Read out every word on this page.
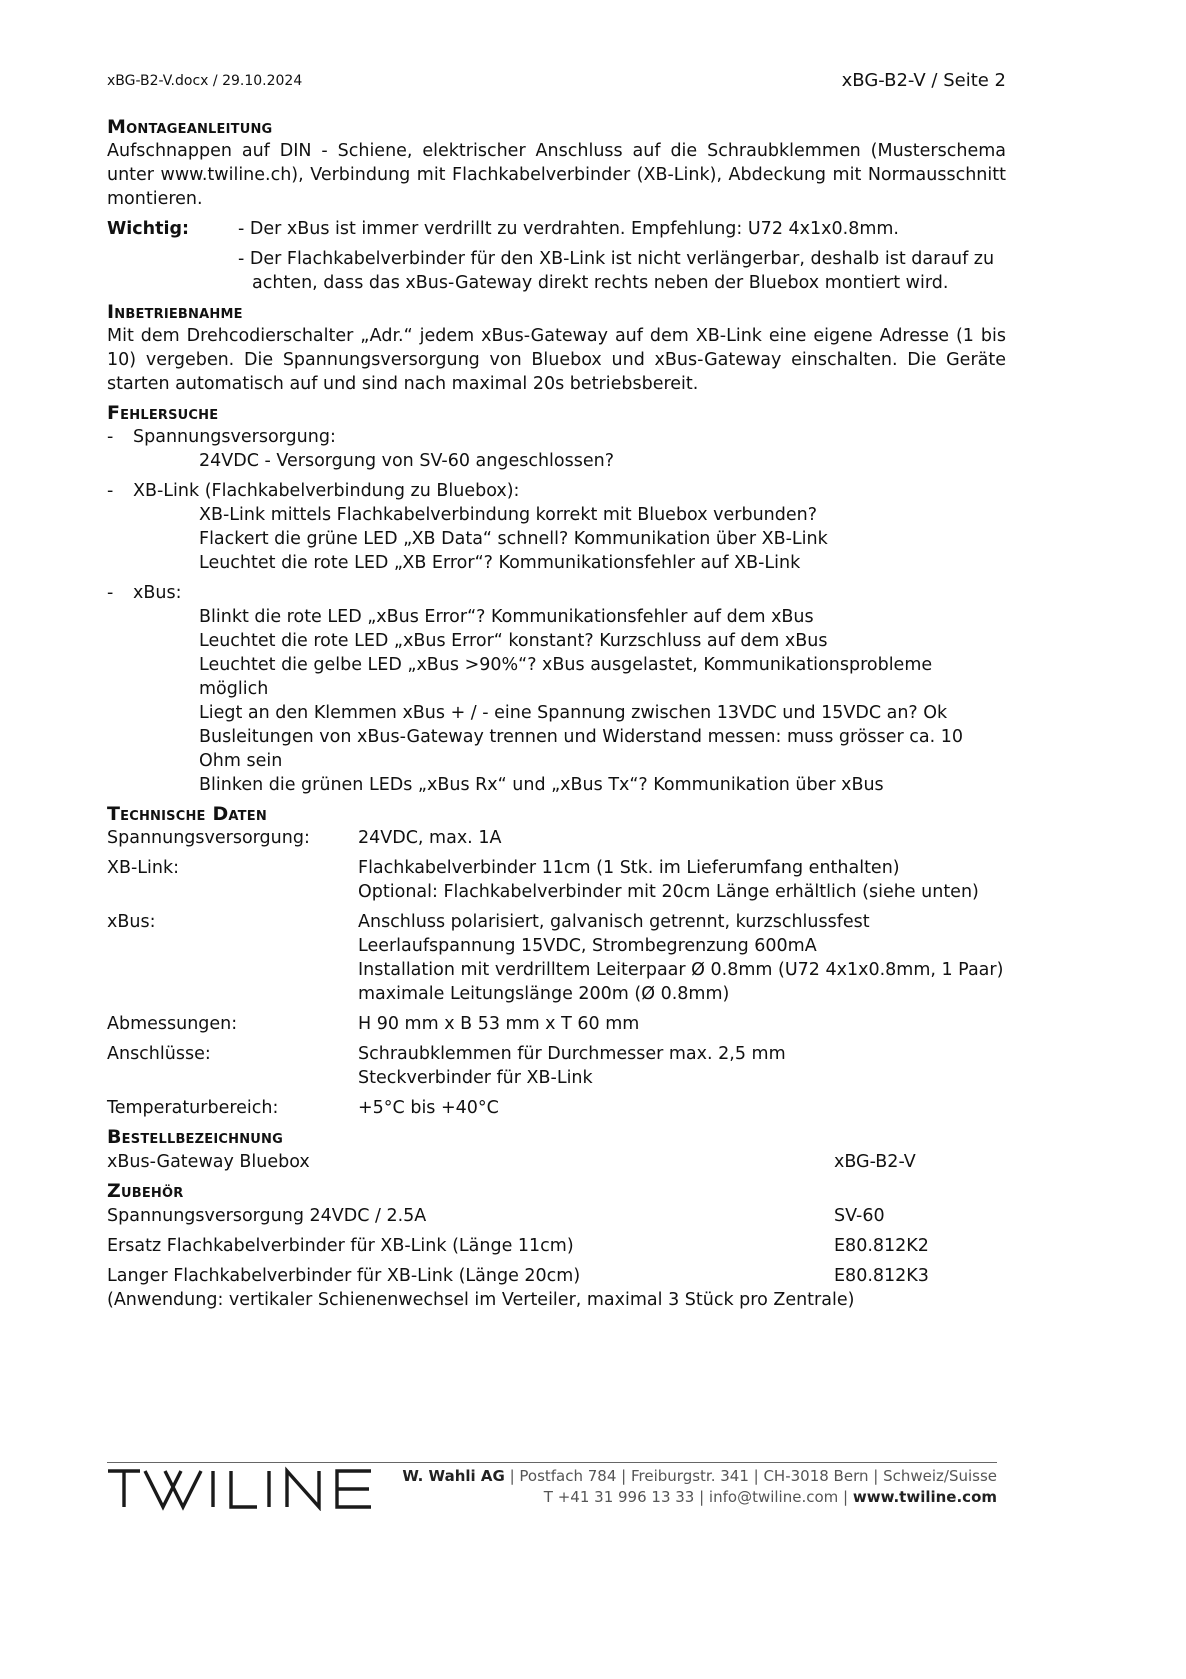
xBG-B2-V.docx / 29.10.2024	xBG-B2-V / Seite 2
Montageanleitung
Aufschnappen auf DIN - Schiene, elektrischer Anschluss auf die Schraubklemmen (Musterschema unter www.twiline.ch), Verbindung mit Flachkabelverbinder (XB-Link), Abdeckung mit Normausschnitt montieren.
Wichtig:	- Der xBus ist immer verdrillt zu verdrahten. Empfehlung: U72 4x1x0.8mm.
- Der Flachkabelverbinder für den XB-Link ist nicht verlängerbar, deshalb ist darauf zu achten, dass das xBus-Gateway direkt rechts neben der Bluebox montiert wird.
Inbetriebnahme
Mit dem Drehcodierschalter „Adr.“ jedem xBus-Gateway auf dem XB-Link eine eigene Adresse (1 bis 10) vergeben. Die Spannungsversorgung von Bluebox und xBus-Gateway einschalten. Die Geräte starten automatisch auf und sind nach maximal 20s betriebsbereit.
Fehlersuche
-	Spannungsversorgung:
24VDC - Versorgung von SV-60 angeschlossen?
-	XB-Link (Flachkabelverbindung zu Bluebox):
XB-Link mittels Flachkabelverbindung korrekt mit Bluebox verbunden?
Flackert die grüne LED „XB Data“ schnell? Kommunikation über XB-Link
Leuchtet die rote LED „XB Error“? Kommunikationsfehler auf XB-Link
-	xBus:
Blinkt die rote LED „xBus Error“? Kommunikationsfehler auf dem xBus
Leuchtet die rote LED „xBus Error“ konstant? Kurzschluss auf dem xBus
Leuchtet die gelbe LED „xBus >90%“? xBus ausgelastet, Kommunikationsprobleme möglich
Liegt an den Klemmen xBus + / - eine Spannung zwischen 13VDC und 15VDC an? Ok
Busleitungen von xBus-Gateway trennen und Widerstand messen: muss grösser ca. 10 Ohm sein
Blinken die grünen LEDs „xBus Rx“ und „xBus Tx“? Kommunikation über xBus
Technische Daten
Spannungsversorgung:	24VDC, max. 1A
XB-Link:	Flachkabelverbinder 11cm (1 Stk. im Lieferumfang enthalten)
Optional: Flachkabelverbinder mit 20cm Länge erhältlich (siehe unten)
xBus:	Anschluss polarisiert, galvanisch getrennt, kurzschlussfest
Leerlaufspannung 15VDC, Strombegrenzung 600mA
Installation mit verdrilltem Leiterpaar Ø 0.8mm (U72 4x1x0.8mm, 1 Paar)
maximale Leitungslänge 200m (Ø 0.8mm)
Abmessungen:	H 90 mm x B 53 mm x T 60 mm
Anschlüsse:	Schraubklemmen für Durchmesser max. 2,5 mm
Steckverbinder für XB-Link
Temperaturbereich:	+5°C bis +40°C
Bestellbezeichnung
xBus-Gateway Bluebox	xBG-B2-V
Zubehör
Spannungsversorgung 24VDC / 2.5A	SV-60
Ersatz Flachkabelverbinder für XB-Link (Länge 11cm)	E80.812K2
Langer Flachkabelverbinder für XB-Link (Länge 20cm)	E80.812K3
(Anwendung: vertikaler Schienenwechsel im Verteiler, maximal 3 Stück pro Zentrale)
W. Wahli AG | Postfach 784 | Freiburgstr. 341 | CH-3018 Bern | Schweiz/Suisse
T +41 31 996 13 33 | info@twiline.com | www.twiline.com
